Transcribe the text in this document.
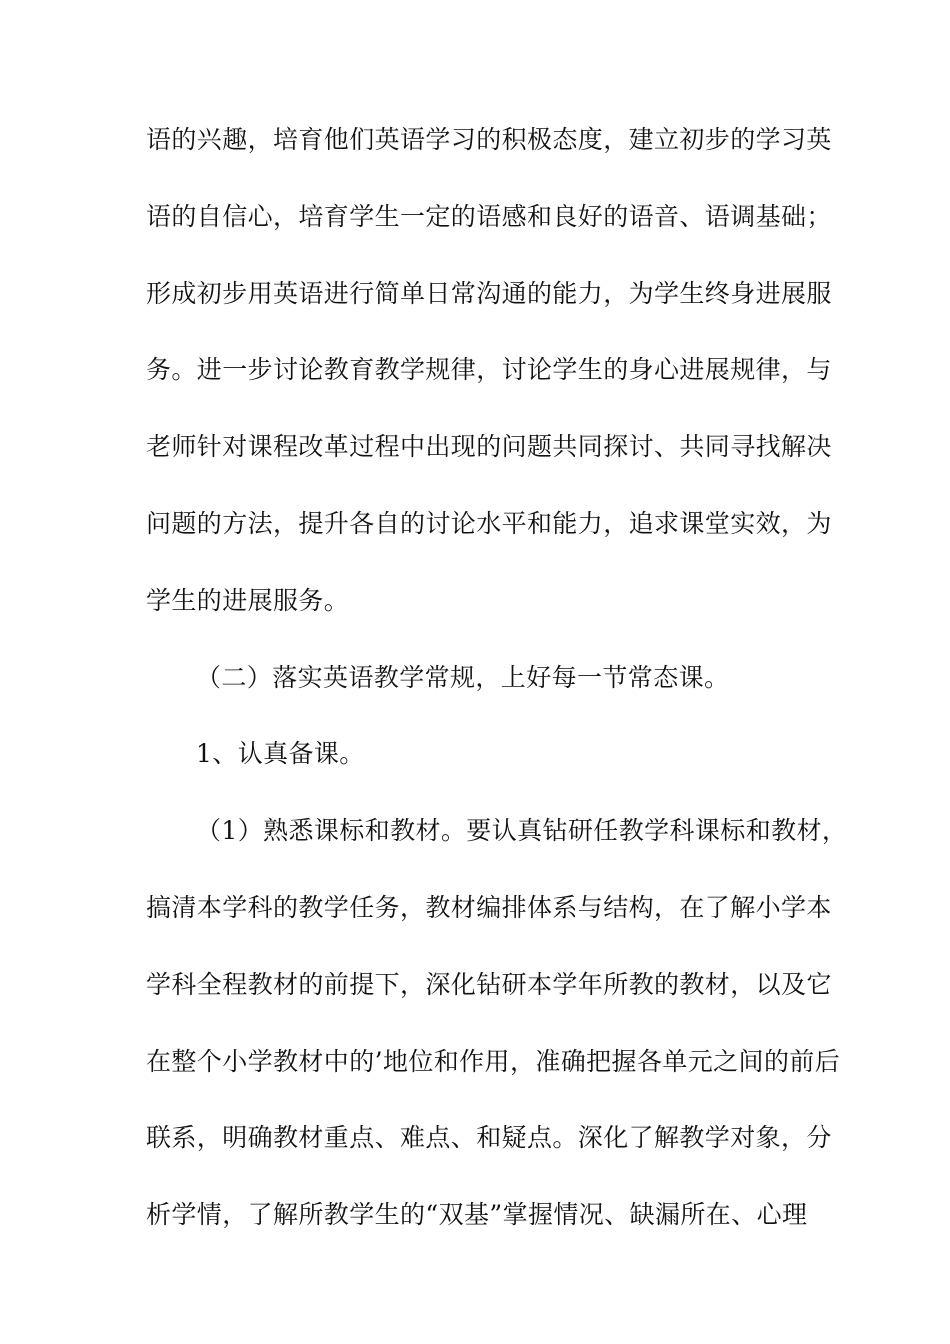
语的兴趣，培育他们英语学习的积极态度，建立初步的学习英

语的自信心，培育学生一定的语感和良好的语音、语调基础；

形成初步用英语进行简单日常沟通的能力，为学生终身进展服

务。进一步讨论教育教学规律，讨论学生的身心进展规律，与

老师针对课程改革过程中出现的问题共同探讨、共同寻找解决

问题的方法，提升各自的讨论水平和能力，追求课堂实效，为

学生的进展服务。

（二）落实英语教学常规，上好每一节常态课。

1、认真备课。

（1）熟悉课标和教材。要认真钻研任教学科课标和教材，

搞清本学科的教学任务，教材编排体系与结构，在了解小学本

学科全程教材的前提下，深化钻研本学年所教的教材，以及它

在整个小学教材中的’地位和作用，准确把握各单元之间的前后

联系，明确教材重点、难点、和疑点。深化了解教学对象，分

析学情，了解所教学生的“双基”掌握情况、缺漏所在、心理
